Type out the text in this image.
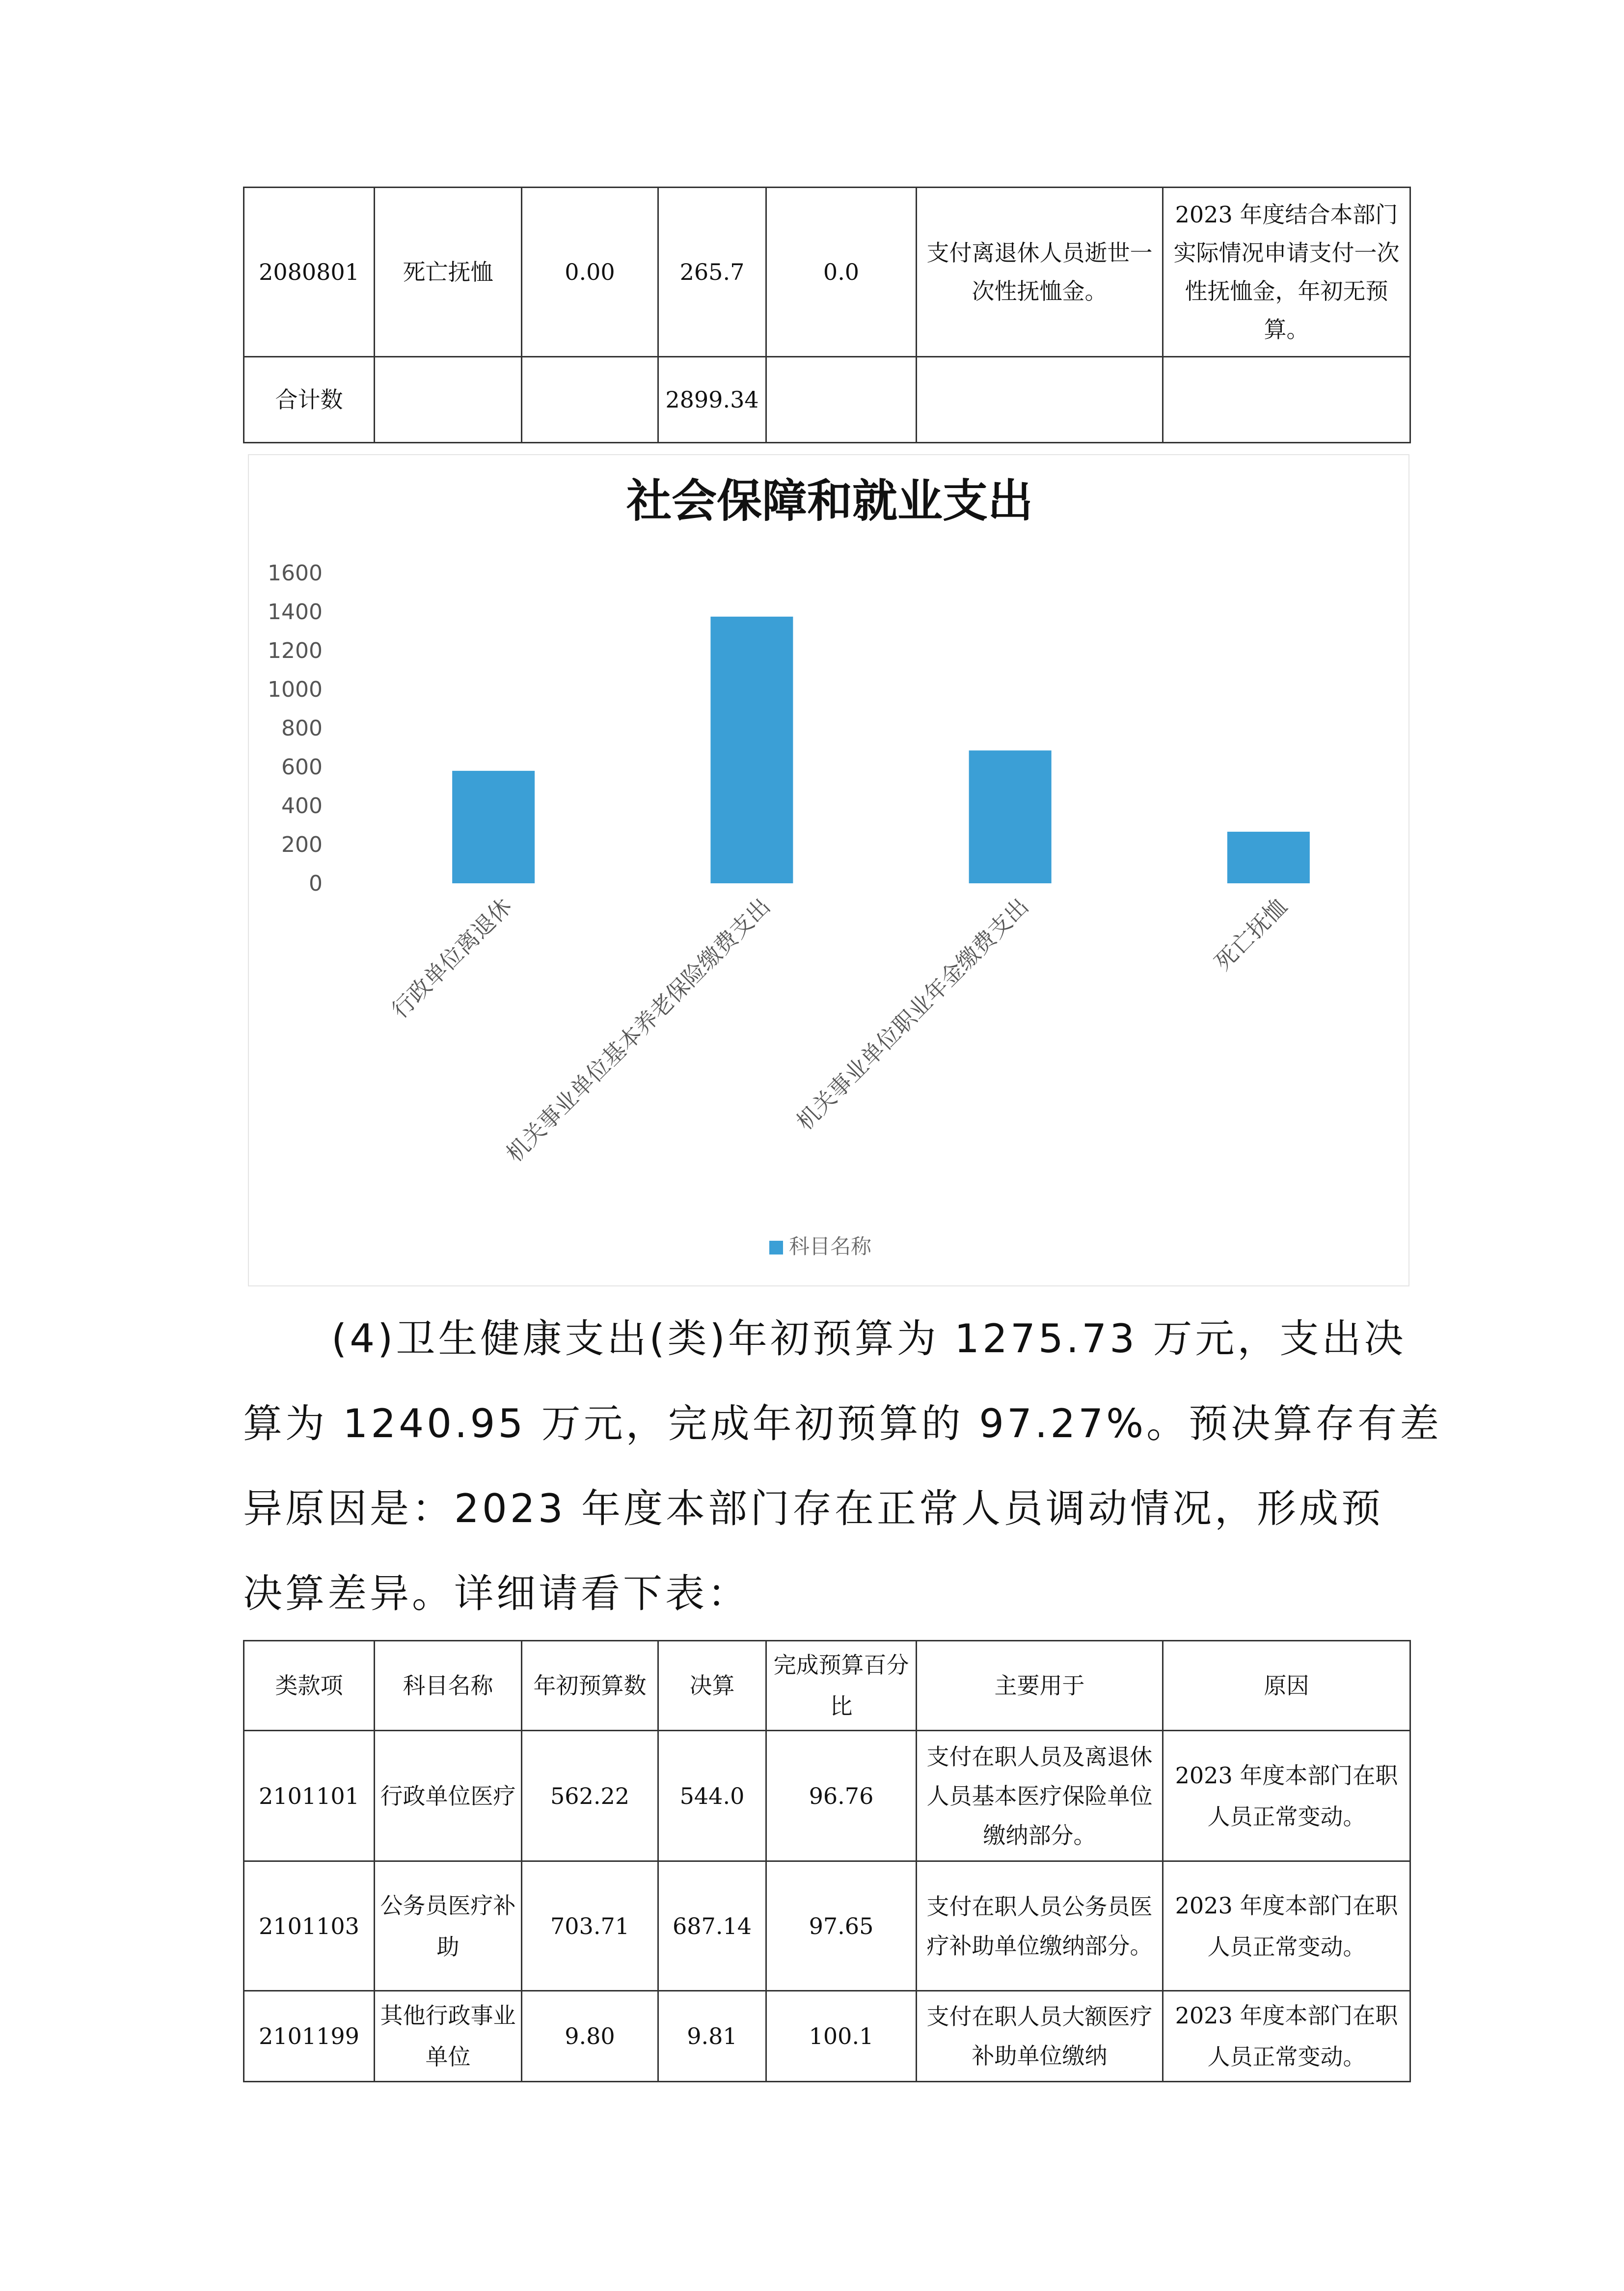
2080801	死亡抚恤	0.00	265.7	0.0	支付离退休人员逝世一次性抚恤金。	2023 年度结合本部门实际情况申请支付一次性抚恤金，年初无预算。
合计数			2899.34			
社会保障和就业支出
0
200
400
600
800
1000
1200
1400
1600
行政单位离退休
机关事业单位基本养老保险缴费支出 机关事业单位职业年金缴费支出	死亡抚恤
科目名称

(4)卫生健康支出(类)年初预算为 1275.73 万元，支出决

算为 1240.95 万元，完成年初预算的 97.27%。预决算存有差

异原因是：2023 年度本部门存在正常人员调动情况，形成预

决算差异。详细请看下表：

类款项	科目名称	年初预算数	决算	完成预算百分比	主要用于	原因
2101101	行政单位医疗	562.22	544.0	96.76	支付在职人员及离退休人员基本医疗保险单位缴纳部分。	2023 年度本部门在职人员正常变动。
2101103	公务员医疗补助	703.71	687.14	97.65	支付在职人员公务员医疗补助单位缴纳部分。	2023 年度本部门在职人员正常变动。
2101199	其他行政事业单位	9.80	9.81	100.1	支付在职人员大额医疗补助单位缴纳	2023 年度本部门在职人员正常变动。
